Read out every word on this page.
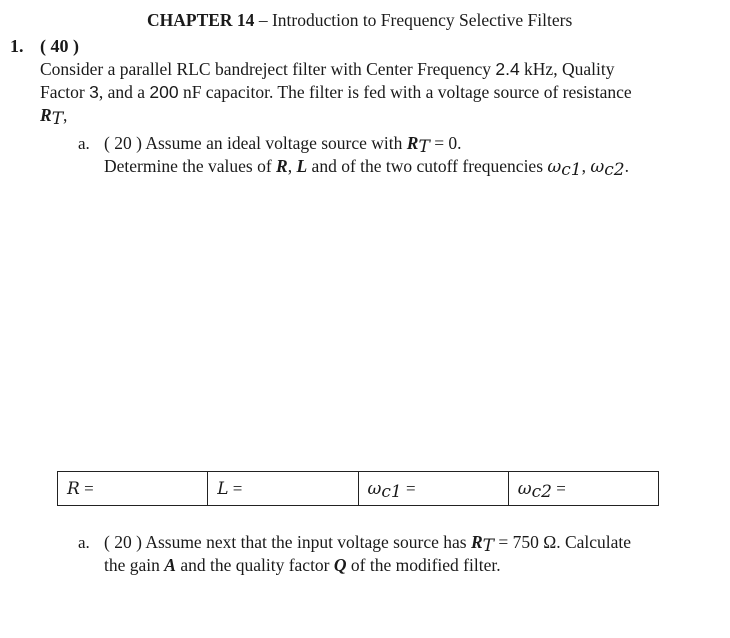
CHAPTER 14 – Introduction to Frequency Selective Filters
1. ( 40 )
Consider a parallel RLC bandreject filter with Center Frequency 2.4 kHz, Quality
Factor 3, and a 200 nF capacitor. The filter is fed with a voltage source of resistance
$R_T$,
a. ( 20 ) Assume an ideal voltage source with $R_T = 0$.
Determine the values of R, L and of the two cutoff frequencies $\omega_{c1}$, $\omega_{c2}$.
R =	L =	$\omega_{c1}$ =	$\omega_{c2}$ =
a. ( 20 ) Assume next that the input voltage source has $R_T = 750$ Ω. Calculate
the gain A and the quality factor Q of the modified filter.
